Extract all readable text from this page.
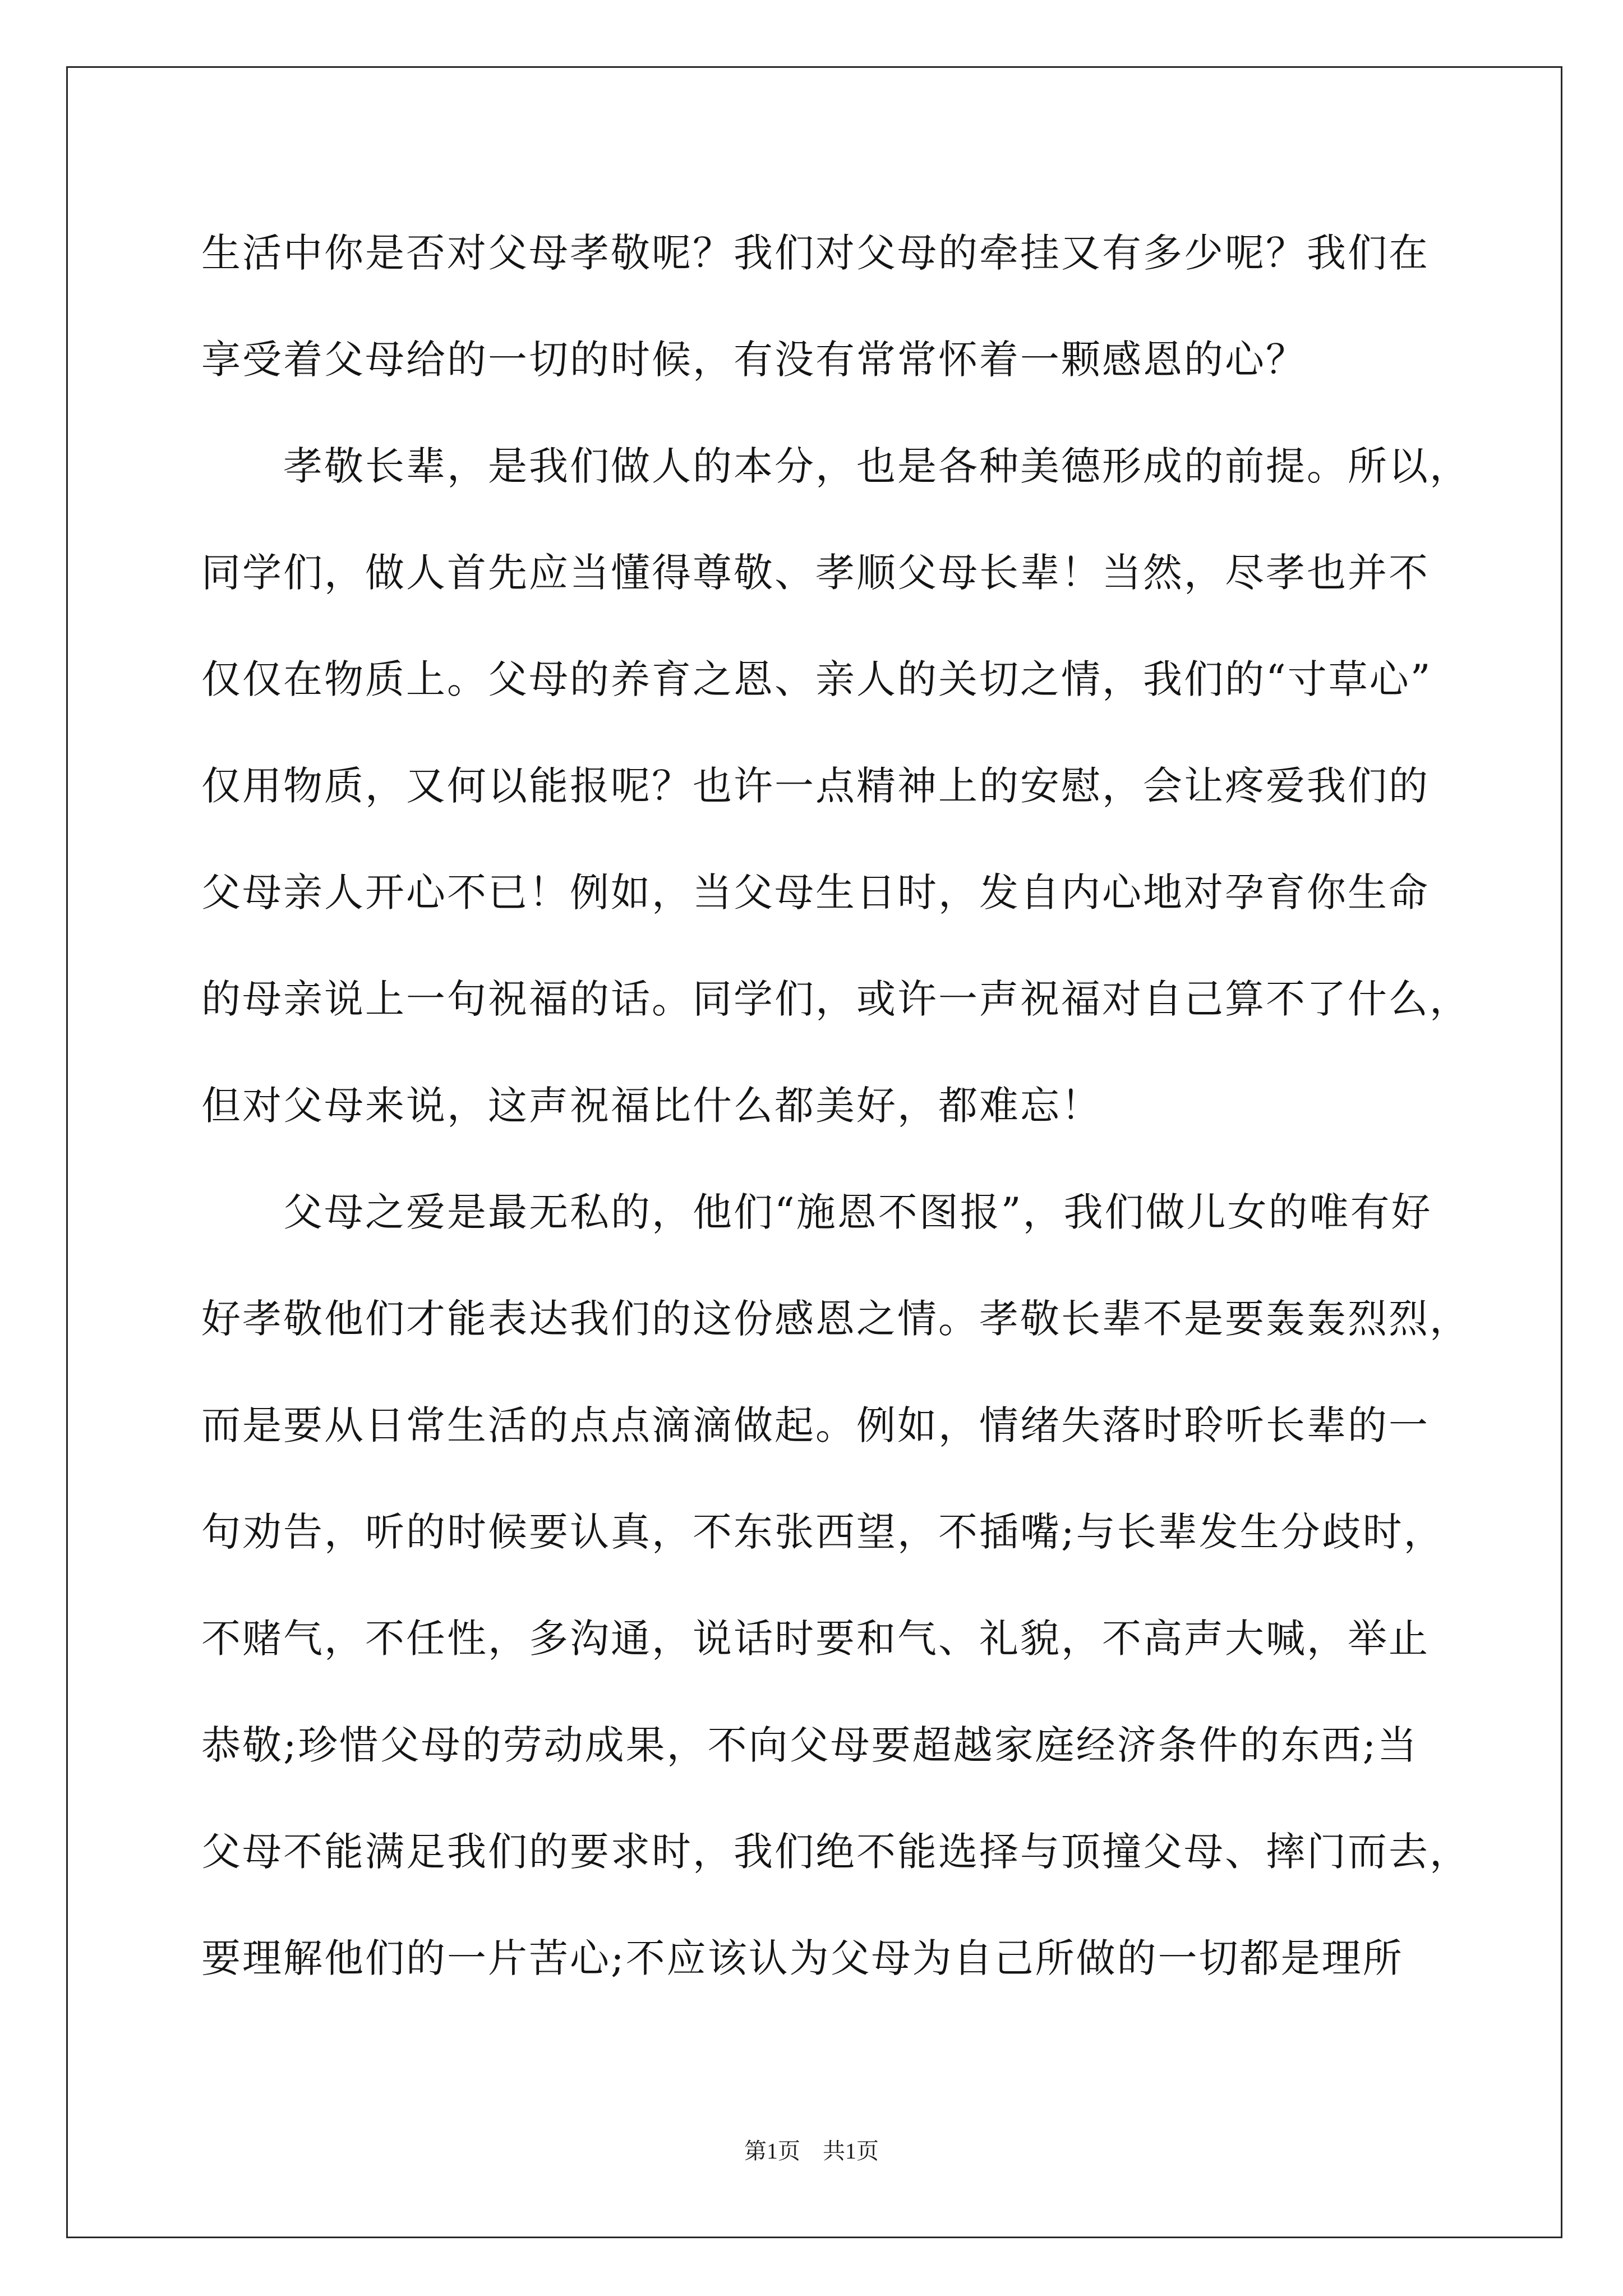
生活中你是否对父母孝敬呢？我们对父母的牵挂又有多少呢？我们在
享受着父母给的一切的时候，有没有常常怀着一颗感恩的心？
孝敬长辈，是我们做人的本分，也是各种美德形成的前提。所以，
同学们，做人首先应当懂得尊敬、孝顺父母长辈！当然，尽孝也并不
仅仅在物质上。父母的养育之恩、亲人的关切之情，我们的“寸草心”
仅用物质，又何以能报呢？也许一点精神上的安慰，会让疼爱我们的
父母亲人开心不已！例如，当父母生日时，发自内心地对孕育你生命
的母亲说上一句祝福的话。同学们，或许一声祝福对自己算不了什么，
但对父母来说，这声祝福比什么都美好，都难忘！
父母之爱是最无私的，他们“施恩不图报”，我们做儿女的唯有好
好孝敬他们才能表达我们的这份感恩之情。孝敬长辈不是要轰轰烈烈，
而是要从日常生活的点点滴滴做起。例如，情绪失落时聆听长辈的一
句劝告，听的时候要认真，不东张西望，不插嘴;与长辈发生分歧时，
不赌气，不任性，多沟通，说话时要和气、礼貌，不高声大喊，举止
恭敬;珍惜父母的劳动成果，不向父母要超越家庭经济条件的东西;当
父母不能满足我们的要求时，我们绝不能选择与顶撞父母、摔门而去，
要理解他们的一片苦心;不应该认为父母为自己所做的一切都是理所
第1页　共1页
